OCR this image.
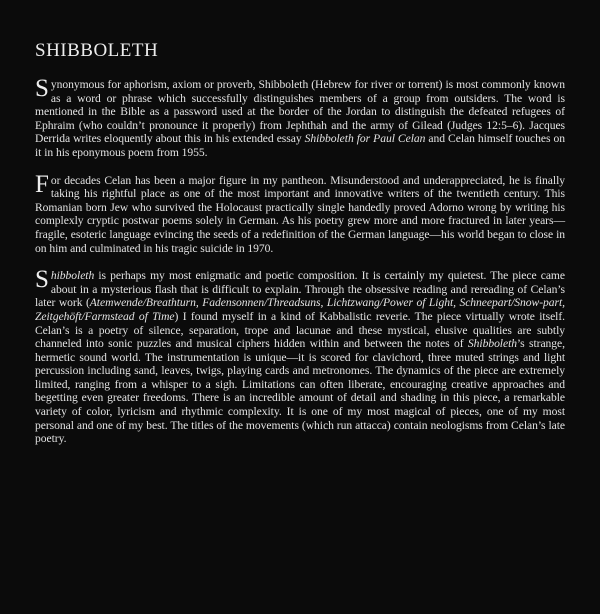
SHIBBOLETH

S ynonymous for aphorism, axiom or proverb, Shibboleth (Hebrew for river or torrent) is most commonly known as a word or phrase which successfully distinguishes members of a group from outsiders. The word is mentioned in the Bible as a password used at the border of the Jordan to distinguish the defeated refugees of Ephraim (who couldn’t pronounce it properly) from Jephthah and the army of Gilead (Judges 12:5–6). Jacques Derrida writes eloquently about this in his extended essay Shibboleth for Paul Celan and Celan himself touches on it in his eponymous poem from 1955.

F or decades Celan has been a major figure in my pantheon. Misunderstood and underappreciated, he is finally taking his rightful place as one of the most important and innovative writers of the twentieth century. This Romanian born Jew who survived the Holocaust practically single handedly proved Adorno wrong by writing his complexly cryptic postwar poems solely in German. As his poetry grew more and more fractured in later years—fragile, esoteric language evincing the seeds of a redefinition of the German language—his world began to close in on him and culminated in his tragic suicide in 1970.

S hibboleth is perhaps my most enigmatic and poetic composition. It is certainly my quietest. The piece came about in a mysterious flash that is difficult to explain. Through the obsessive reading and rereading of Celan’s later work (Atemwende/Breathturn, Fadensonnen/Threadsuns, Lichtzwang/Power of Light, Schneepart/Snow-part, Zeitgehöft/Farmstead of Time) I found myself in a kind of Kabbalistic reverie. The piece virtually wrote itself. Celan’s is a poetry of silence, separation, trope and lacunae and these mystical, elusive qualities are subtly channeled into sonic puzzles and musical ciphers hidden within and between the notes of Shibboleth’s strange, hermetic sound world. The instrumentation is unique—it is scored for clavichord, three muted strings and light percussion including sand, leaves, twigs, playing cards and metronomes. The dynamics of the piece are extremely limited, ranging from a whisper to a sigh. Limitations can often liberate, encouraging creative approaches and begetting even greater freedoms. There is an incredible amount of detail and shading in this piece, a remarkable variety of color, lyricism and rhythmic complexity. It is one of my most magical of pieces, one of my most personal and one of my best. The titles of the movements (which run attacca) contain neologisms from Celan’s late poetry.
